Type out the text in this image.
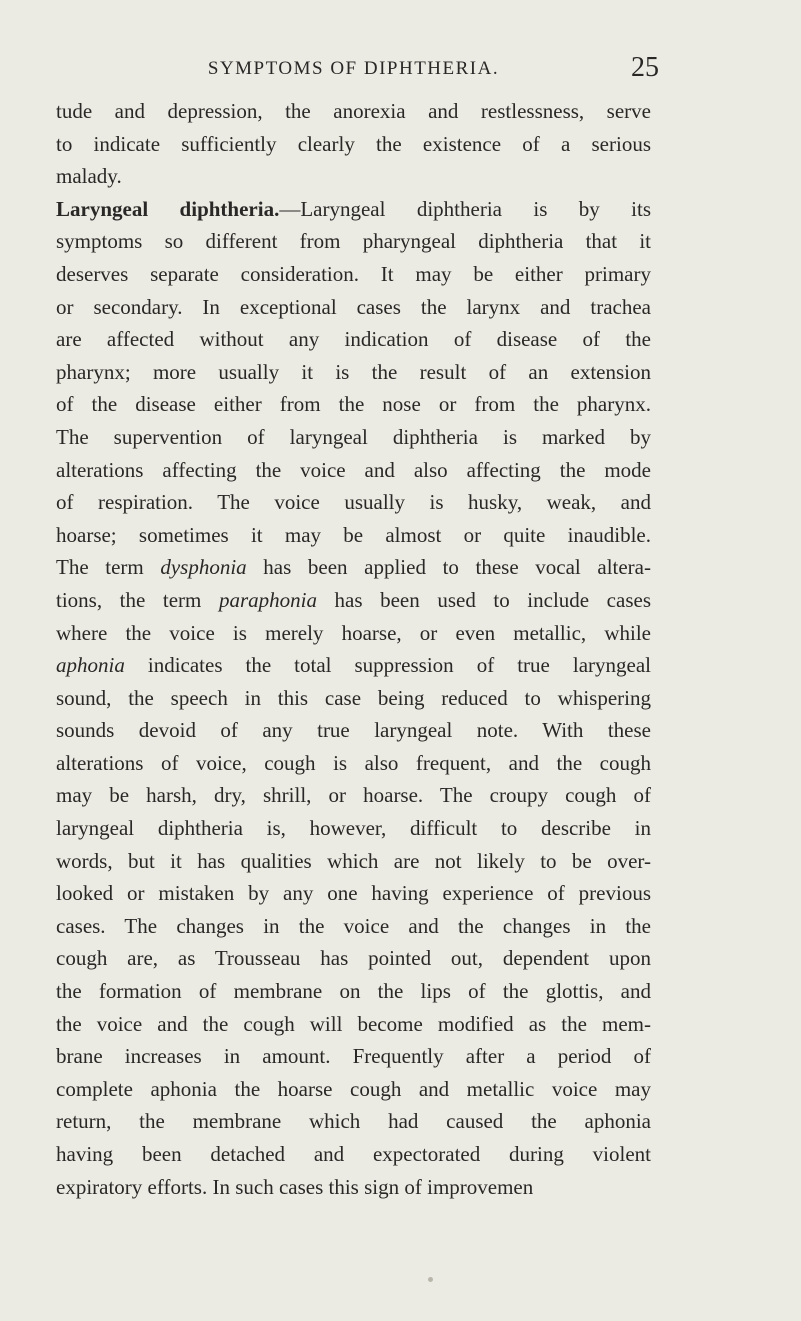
SYMPTOMS OF DIPHTHERIA.	25
tude and depression, the anorexia and restlessness, serve
to indicate sufficiently clearly the existence of a serious
malady.
Laryngeal diphtheria.—Laryngeal diphtheria is by its
symptoms so different from pharyngeal diphtheria that it
deserves separate consideration. It may be either primary
or secondary. In exceptional cases the larynx and trachea
are affected without any indication of disease of the
pharynx; more usually it is the result of an extension
of the disease either from the nose or from the pharynx.
The supervention of laryngeal diphtheria is marked by
alterations affecting the voice and also affecting the mode
of respiration. The voice usually is husky, weak, and
hoarse; sometimes it may be almost or quite inaudible.
The term dysphonia has been applied to these vocal altera-
tions, the term paraphonia has been used to include cases
where the voice is merely hoarse, or even metallic, while
aphonia indicates the total suppression of true laryngeal
sound, the speech in this case being reduced to whispering
sounds devoid of any true laryngeal note. With these
alterations of voice, cough is also frequent, and the cough
may be harsh, dry, shrill, or hoarse. The croupy cough of
laryngeal diphtheria is, however, difficult to describe in
words, but it has qualities which are not likely to be over-
looked or mistaken by any one having experience of previous
cases. The changes in the voice and the changes in the
cough are, as Trousseau has pointed out, dependent upon
the formation of membrane on the lips of the glottis, and
the voice and the cough will become modified as the mem-
brane increases in amount. Frequently after a period of
complete aphonia the hoarse cough and metallic voice may
return, the membrane which had caused the aphonia
having been detached and expectorated during violent
expiratory efforts. In such cases this sign of improvemen
